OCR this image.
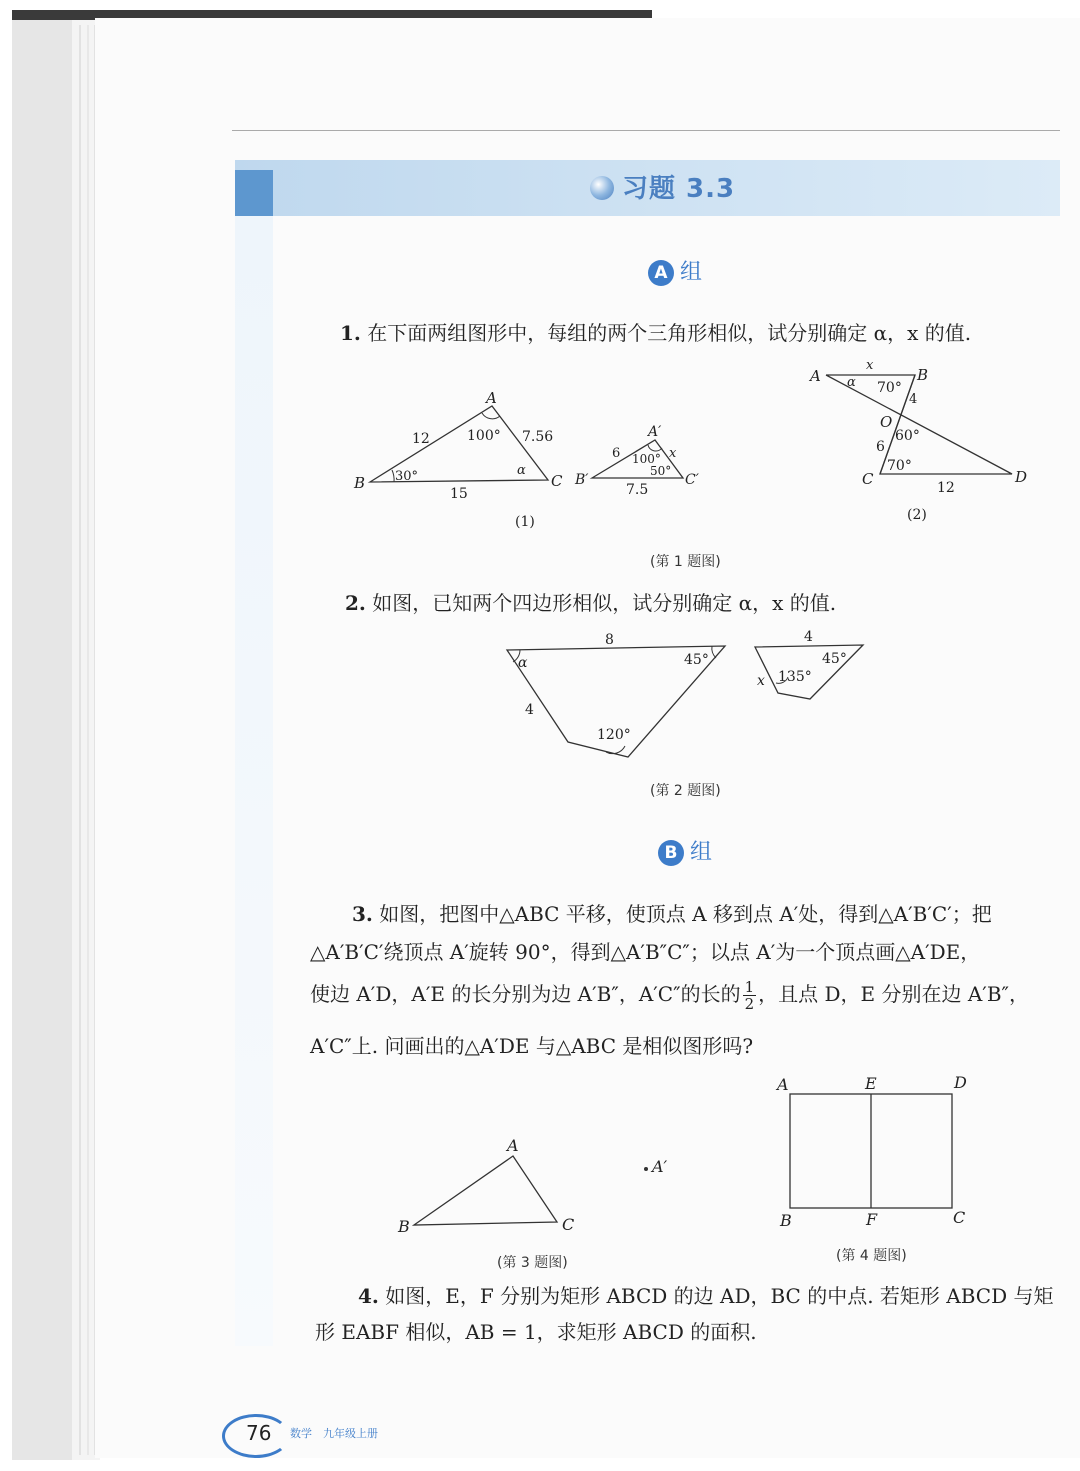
习题 3.3
A 组
1. 在下面两组图形中，每组的两个三角形相似，试分别确定 α，x 的值.
A
B	C
12	7.56
15
100°
30°	α
(1)
A′
B′	C′
6	x
7.5
100°
50°
A	B
C	D
O
x
α 70°
4
6
60°
70°
12
(2)
(第 1 题图)
2. 如图，已知两个四边形相似，试分别确定 α，x 的值.
8
α	45°
4
120°
4
45°
x 135°
(第 2 题图)
B 组
3. 如图，把图中△ABC 平移，使顶点 A 移到点 A′处，得到△A′B′C′；把
△A′B′C′绕顶点 A′旋转 90°，得到△A′B″C″；以点 A′为一个顶点画△A′DE，
使边 A′D，A′E 的长分别为边 A′B″，A′C″的长的 $\frac{1}{2}$ ，且点 D，E 分别在边 A′B″，
A′C″上. 问画出的△A′DE 与△ABC 是相似图形吗?
A
B	C
A′
A	E	D
B	F	C
(第 3 题图)	(第 4 题图)
4. 如图，E，F 分别为矩形 ABCD 的边 AD，BC 的中点. 若矩形 ABCD 与矩
形 EABF 相似，AB = 1，求矩形 ABCD 的面积.
76 数学　九年级上册
